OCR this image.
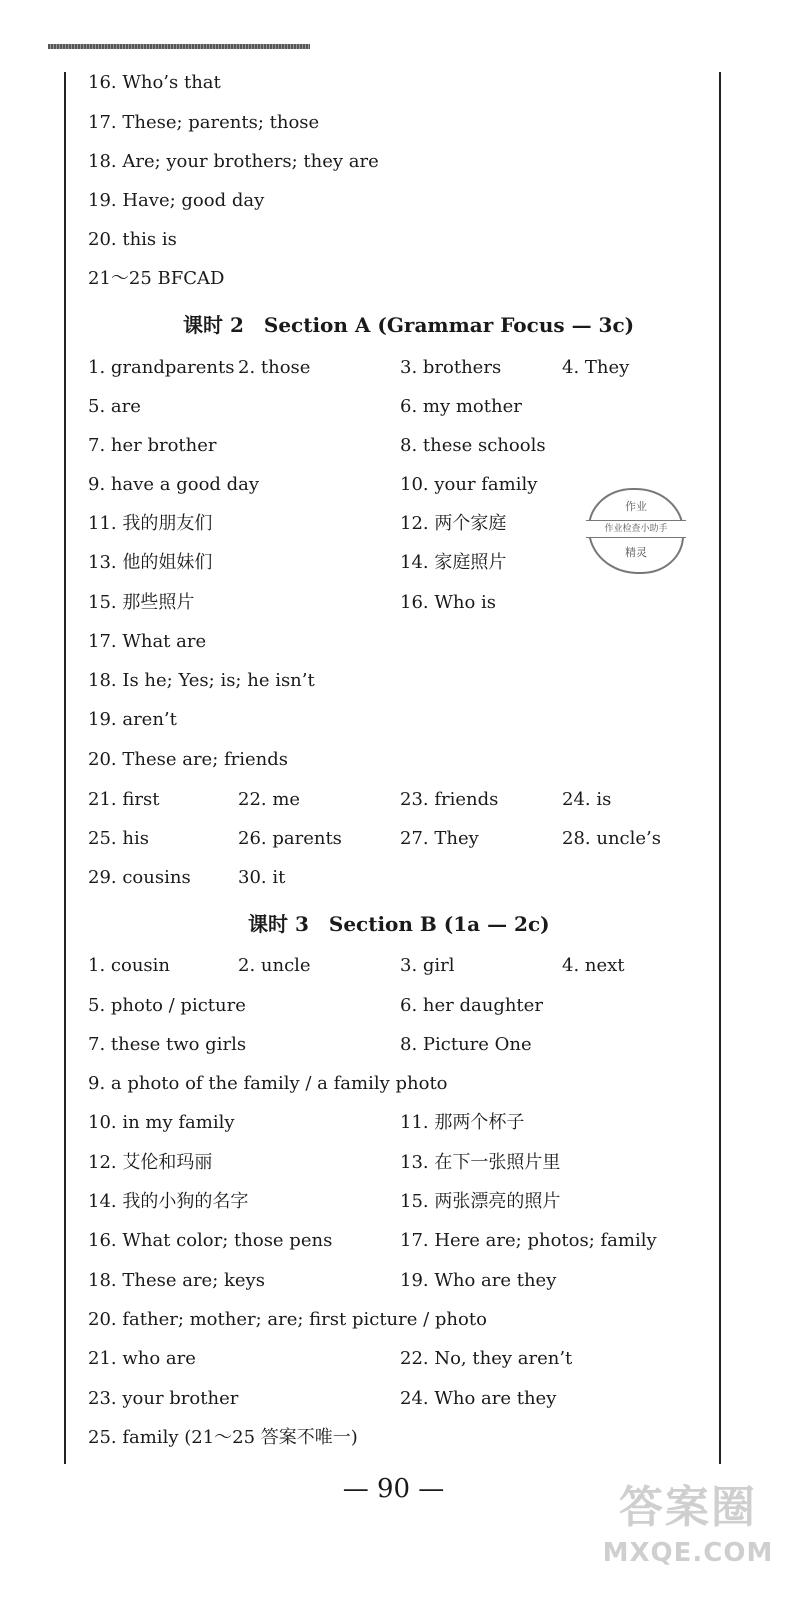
16. Who’s that
17. These; parents; those
18. Are; your brothers; they are
19. Have; good day
20. this is
21～25 BFCAD
课时 2　Section A (Grammar Focus — 3c)
1. grandparents 2. those	3. brothers	4. They
5. are	6. my mother
7. her brother	8. these schools
9. have a good day	10. your family
11. 我的朋友们	12. 两个家庭
13. 他的姐妹们	14. 家庭照片
15. 那些照片	16. Who is
17. What are
18. Is he; Yes; is; he isn’t
19. aren’t
20. These are; friends
21. first	22. me	23. friends	24. is
25. his	26. parents	27. They	28. uncle’s
29. cousins	30. it
课时 3　Section B (1a — 2c)
1. cousin	2. uncle	3. girl	4. next
5. photo / picture	6. her daughter
7. these two girls	8. Picture One
9. a photo of the family / a family photo
10. in my family	11. 那两个杯子
12. 艾伦和玛丽	13. 在下一张照片里
14. 我的小狗的名字	15. 两张漂亮的照片
16. What color; those pens	17. Here are; photos; family
18. These are; keys	19. Who are they
20. father; mother; are; first picture / photo
21. who are	22. No, they aren’t
23. your brother	24. Who are they
25. family (21～25 答案不唯一)
作业
作业检查小助手
精灵
— 90 —	答案圈
MXQE.COM
